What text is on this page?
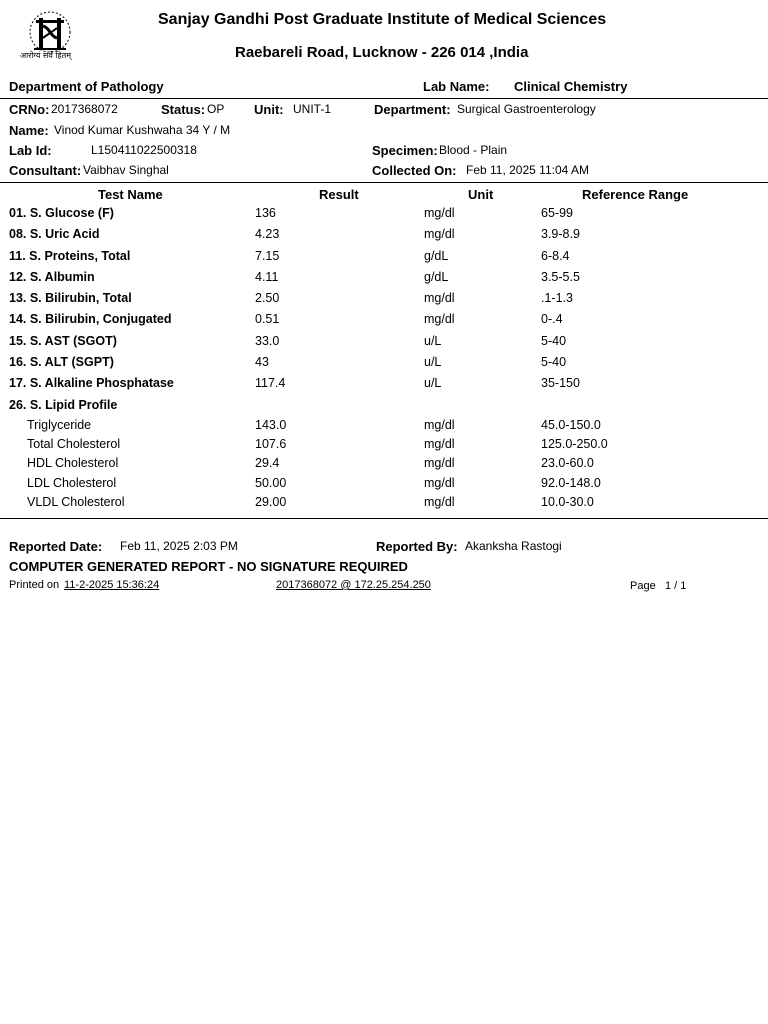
आरोग्यं सर्वे हितम्
Sanjay Gandhi Post Graduate Institute of Medical Sciences
Raebareli Road, Lucknow - 226 014 ,India
Department of Pathology	Lab Name: Clinical Chemistry
CRNo: 2017368072	Status: OP Unit: UNIT-1	Department: Surgical Gastroenterology
Name: Vinod Kumar Kushwaha 34 Y / M
Lab Id:	L150411022500318	Specimen: Blood - Plain
Consultant: Vaibhav Singhal	Collected On: Feb 11, 2025 11:04 AM
Test Name	Result	Unit	Reference Range
01. S. Glucose (F)	136	mg/dl	65-99
08. S. Uric Acid	4.23	mg/dl	3.9-8.9
11. S. Proteins, Total	7.15	g/dL	6-8.4
12. S. Albumin	4.11	g/dL	3.5-5.5
13. S. Bilirubin, Total	2.50	mg/dl	.1-1.3
14. S. Bilirubin, Conjugated	0.51	mg/dl	0-.4
15. S. AST (SGOT)	33.0	u/L	5-40
16. S. ALT (SGPT)	43	u/L	5-40
17. S. Alkaline Phosphatase	117.4	u/L	35-150
26. S. Lipid Profile
Triglyceride	143.0	mg/dl	45.0-150.0
Total Cholesterol	107.6	mg/dl	125.0-250.0
HDL Cholesterol	29.4	mg/dl	23.0-60.0
LDL Cholesterol	50.00	mg/dl	92.0-148.0
VLDL Cholesterol	29.00	mg/dl	10.0-30.0
Reported Date: Feb 11, 2025 2:03 PM	Reported By: Akanksha Rastogi
COMPUTER GENERATED REPORT - NO SIGNATURE REQUIRED
Printed on 11-2-2025 15:36:24	2017368072 @ 172.25.254.250	Page 1 / 1
